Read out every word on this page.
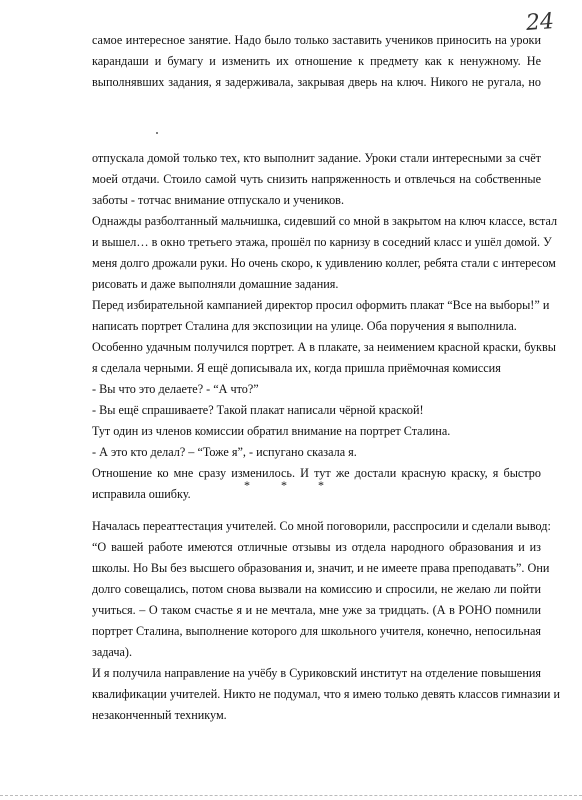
24
самое интересное занятие. Надо было только заставить учеников приносить на уроки
карандаши и бумагу и изменить их отношение к предмету как к ненужному. Не
выполнявших задания, я задерживала, закрывая дверь на ключ. Никого не ругала, но
отпускала домой только тех, кто выполнит задание. Уроки стали интересными за счёт
моей отдачи. Стоило самой чуть снизить напряженность и отвлечься на собственные
заботы - тотчас внимание отпускало и учеников.
Однажды разболтанный мальчишка, сидевший со мной в закрытом на ключ классе, встал
и вышел… в окно третьего этажа, прошёл по карнизу в соседний класс и ушёл домой. У
меня долго дрожали руки. Но очень скоро, к удивлению коллег, ребята стали с интересом
рисовать и даже выполняли домашние задания.
Перед избирательной кампанией директор просил оформить плакат “Все на выборы!” и
написать портрет Сталина для экспозиции на улице. Оба поручения я выполнила.
Особенно удачным получился портрет. А в плакате, за неимением красной краски, буквы
я сделала черными. Я ещё дописывала их, когда пришла приёмочная комиссия
- Вы что это делаете? - “А что?”
- Вы ещё спрашиваете? Такой плакат написали чёрной краской!
Тут один из членов комиссии обратил внимание на портрет Сталина.
- А это кто делал? – “Тоже я”, - испугано сказала я.
Отношение ко мне сразу изменилось. И тут же достали красную краску, я быстро
исправила ошибку.
* * *
Началась переаттестация учителей. Со мной поговорили, расспросили и сделали вывод:
“О вашей работе имеются отличные отзывы из отдела народного образования и из
школы. Но Вы без высшего образования и, значит, и не имеете права преподавать”. Они
долго совещались, потом снова вызвали на комиссию и спросили, не желаю ли пойти
учиться. – О таком счастье я и не мечтала, мне уже за тридцать. (А в РОНО помнили
портрет Сталина, выполнение которого для школьного учителя, конечно, непосильная
задача).
И я получила направление на учёбу в Суриковский институт на отделение повышения
квалификации учителей. Никто не подумал, что я имею только девять классов гимназии и
незаконченный техникум.
